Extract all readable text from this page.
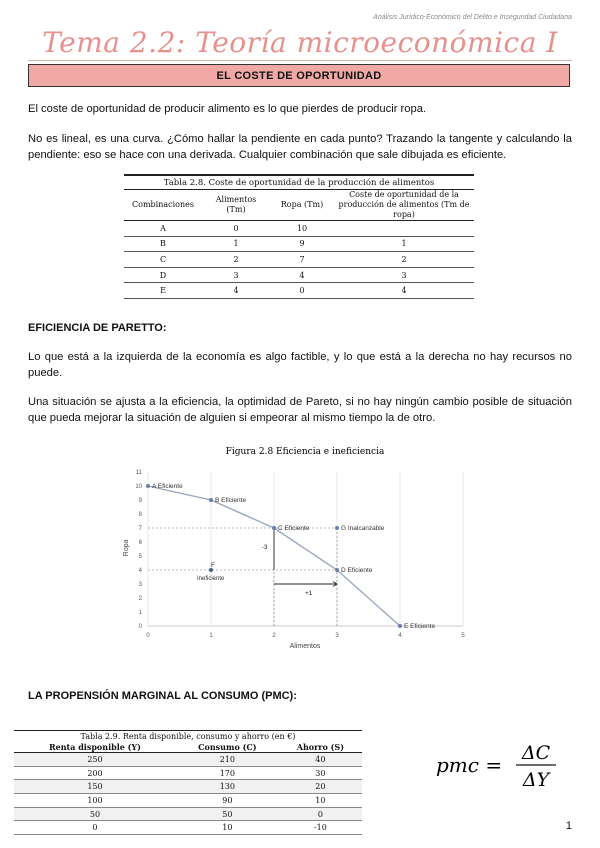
Análisis Jurídico-Económico del Delito e Inseguridad Ciudadana
Tema 2.2: Teoría microeconómica I
EL COSTE DE OPORTUNIDAD
El coste de oportunidad de producir alimento es lo que pierdes de producir ropa.
No es lineal, es una curva. ¿Cómo hallar la pendiente en cada punto? Trazando la tangente y calculando la pendiente: eso se hace con una derivada. Cualquier combinación que sale dibujada es eficiente.
Tabla 2.8. Coste de oportunidad de la producción de alimentos
Combinaciones	Alimentos (Tm)	Ropa (Tm)	Coste de oportunidad de la producción de alimentos (Tm de ropa)
A	0	10	
B	1	9	1
C	2	7	2
D	3	4	3
E	4	0	4
EFICIENCIA DE PARETTO:
Lo que está a la izquierda de la economía es algo factible, y lo que está a la derecha no hay recursos no puede.
Una situación se ajusta a la eficiencia, la optimidad de Pareto, si no hay ningún cambio posible de situación que pueda mejorar la situación de alguien si empeorar al mismo tiempo la de otro.
Figura 2.8 Eficiencia e ineficiencia
0	1	2	3	4	5
0
1
2
3
4
5
6
7
8
9
10
11
A Eficiente
B Eficiente
C Eficiente	G Inalcanzable
D Eficiente
E Eficiente
F
Ineficiente
-3
+1
Alimentos
Ropa
LA PROPENSIÓN MARGINAL AL CONSUMO (PMC):
Tabla 2.9. Renta disponible, consumo y ahorro (en €)
Renta disponible (Y)	Consumo (C)	Ahorro (S)
250	210	40
200	170	30
150	130	20
100	90	10
50	50	0
0	10	-10
pmc = ΔC
ΔY
1
